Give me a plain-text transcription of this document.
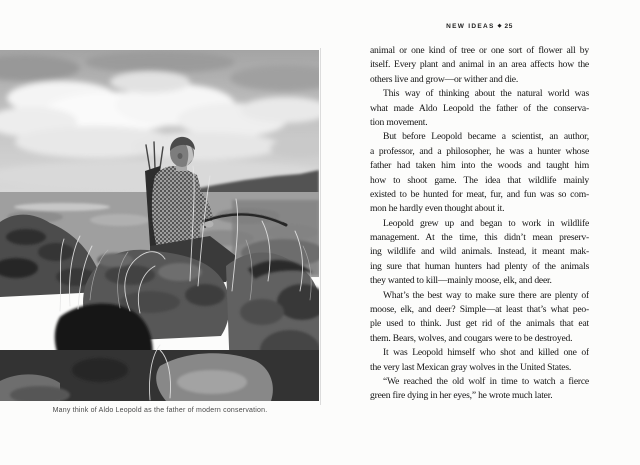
NEW IDEAS ◆ 25
Many think of Aldo Leopold as the father of modern conservation.
animal or one kind of tree or one sort of flower all by
itself. Every plant and animal in an area affects how the
others live and grow—or wither and die.
This way of thinking about the natural world was
what made Aldo Leopold the father of the conserva-
tion movement.
But before Leopold became a scientist, an author,
a professor, and a philosopher, he was a hunter whose
father had taken him into the woods and taught him
how to shoot game. The idea that wildlife mainly
existed to be hunted for meat, fur, and fun was so com-
mon he hardly even thought about it.
Leopold grew up and began to work in wildlife
management. At the time, this didn’t mean preserv-
ing wildlife and wild animals. Instead, it meant mak-
ing sure that human hunters had plenty of the animals
they wanted to kill—mainly moose, elk, and deer.
What’s the best way to make sure there are plenty of
moose, elk, and deer? Simple—at least that’s what peo-
ple used to think. Just get rid of the animals that eat
them. Bears, wolves, and cougars were to be destroyed.
It was Leopold himself who shot and killed one of
the very last Mexican gray wolves in the United States.
“We reached the old wolf in time to watch a fierce
green fire dying in her eyes,” he wrote much later.
